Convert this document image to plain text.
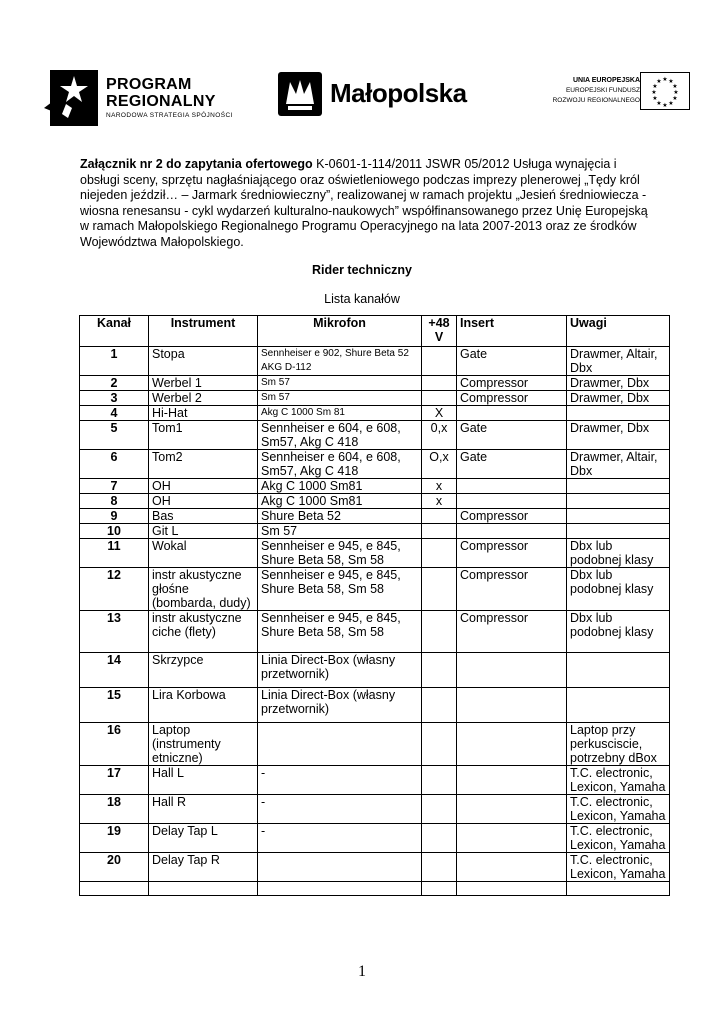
PROGRAM
REGIONALNY
NARODOWA STRATEGIA SPÓJNOŚCI
Małopolska	UNIA EUROPEJSKA
EUROPEJSKI FUNDUSZ
ROZWOJU REGIONALNEGO
★ ★
★
★
★
★
★
★
★
★
★
★
Załącznik nr 2 do zapytania ofertowego K-0601-1-114/2011 JSWR 05/2012 Usługa wynajęcia i obsługi sceny, sprzętu nagłaśniającego oraz oświetleniowego podczas imprezy plenerowej „Tędy król niejeden jeździł… – Jarmark średniowieczny”, realizowanej w ramach projektu „Jesień średniowiecza - wiosna renesansu - cykl wydarzeń kulturalno-naukowych” współfinansowanego przez Unię Europejską w ramach Małopolskiego Regionalnego Programu Operacyjnego na lata 2007-2013 oraz ze środków Województwa Małopolskiego.
Rider techniczny
Lista kanałów
Kanał	Instrument	Mikrofon	+48 V	Insert	Uwagi
1	Stopa	Sennheiser e 902, Shure Beta 52 AKG D-112		Gate	Drawmer, Altair, Dbx
2	Werbel 1	Sm 57		Compressor	Drawmer, Dbx
3	Werbel 2	Sm 57		Compressor	Drawmer, Dbx
4	Hi-Hat	Akg C 1000 Sm 81	X		
5	Tom1	Sennheiser e 604, e 608, Sm57, Akg C 418	0,x	Gate	Drawmer, Dbx
6	Tom2	Sennheiser e 604, e 608, Sm57, Akg C 418	O,x	Gate	Drawmer, Altair, Dbx
7	OH	Akg C 1000 Sm81	x		
8	OH	Akg C 1000 Sm81	x		
9	Bas	Shure Beta 52		Compressor	
10	Git L	Sm 57			
11	Wokal	Sennheiser e 945, e 845, Shure Beta 58, Sm 58		Compressor	Dbx lub podobnej klasy
12	instr akustyczne głośne (bombarda, dudy)	Sennheiser e 945, e 845, Shure Beta 58, Sm 58		Compressor	Dbx lub podobnej klasy
13	instr akustyczne ciche (flety)	Sennheiser e 945, e 845, Shure Beta 58, Sm 58		Compressor	Dbx lub podobnej klasy
14	Skrzypce	Linia Direct-Box (własny przetwornik)			
15	Lira Korbowa	Linia Direct-Box (własny przetwornik)			
16	Laptop (instrumenty etniczne)				Laptop przy perkusciscie, potrzebny dBox
17	Hall L	-			T.C. electronic, Lexicon, Yamaha
18	Hall R	-			T.C. electronic, Lexicon, Yamaha
19	Delay Tap L	-			T.C. electronic, Lexicon, Yamaha
20	Delay Tap R				T.C. electronic, Lexicon, Yamaha

1
